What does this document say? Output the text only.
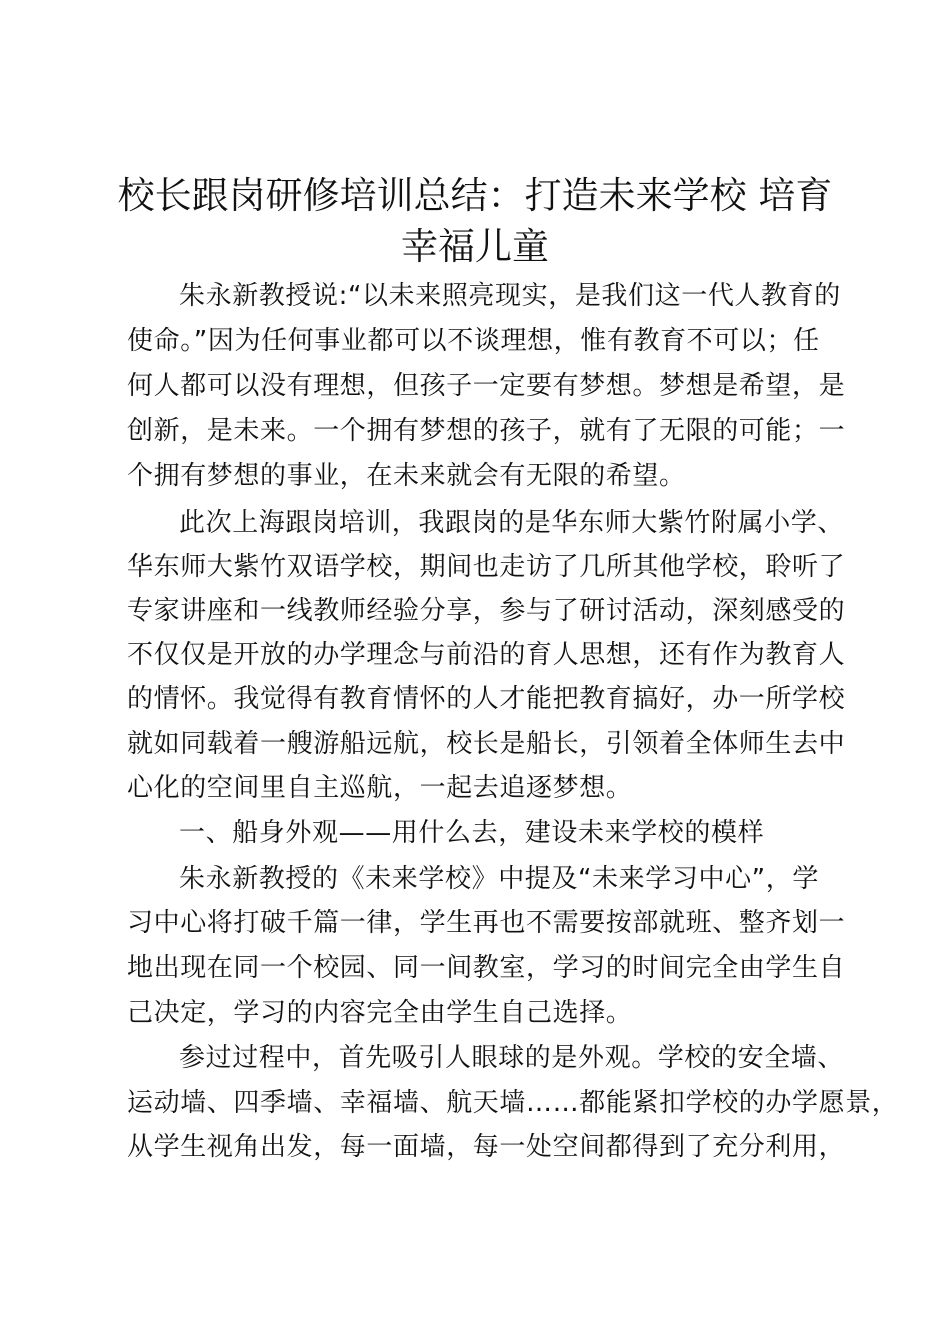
校长跟岗研修培训总结：打造未来学校 培育
幸福儿童
朱永新教授说:“以未来照亮现实，是我们这一代人教育的
使命。”因为任何事业都可以不谈理想，惟有教育不可以；任
何人都可以没有理想，但孩子一定要有梦想。梦想是希望，是
创新，是未来。一个拥有梦想的孩子，就有了无限的可能；一
个拥有梦想的事业，在未来就会有无限的希望。
此次上海跟岗培训，我跟岗的是华东师大紫竹附属小学、
华东师大紫竹双语学校，期间也走访了几所其他学校，聆听了
专家讲座和一线教师经验分享，参与了研讨活动，深刻感受的
不仅仅是开放的办学理念与前沿的育人思想，还有作为教育人
的情怀。我觉得有教育情怀的人才能把教育搞好，办一所学校
就如同载着一艘游船远航，校长是船长，引领着全体师生去中
心化的空间里自主巡航，一起去追逐梦想。
一、船身外观——用什么去，建设未来学校的模样
朱永新教授的《未来学校》中提及“未来学习中心”，学
习中心将打破千篇一律，学生再也不需要按部就班、整齐划一
地出现在同一个校园、同一间教室，学习的时间完全由学生自
己决定，学习的内容完全由学生自己选择。
参过过程中，首先吸引人眼球的是外观。学校的安全墙、
运动墙、四季墙、幸福墙、航天墙……都能紧扣学校的办学愿景，
从学生视角出发，每一面墙，每一处空间都得到了充分利用，
